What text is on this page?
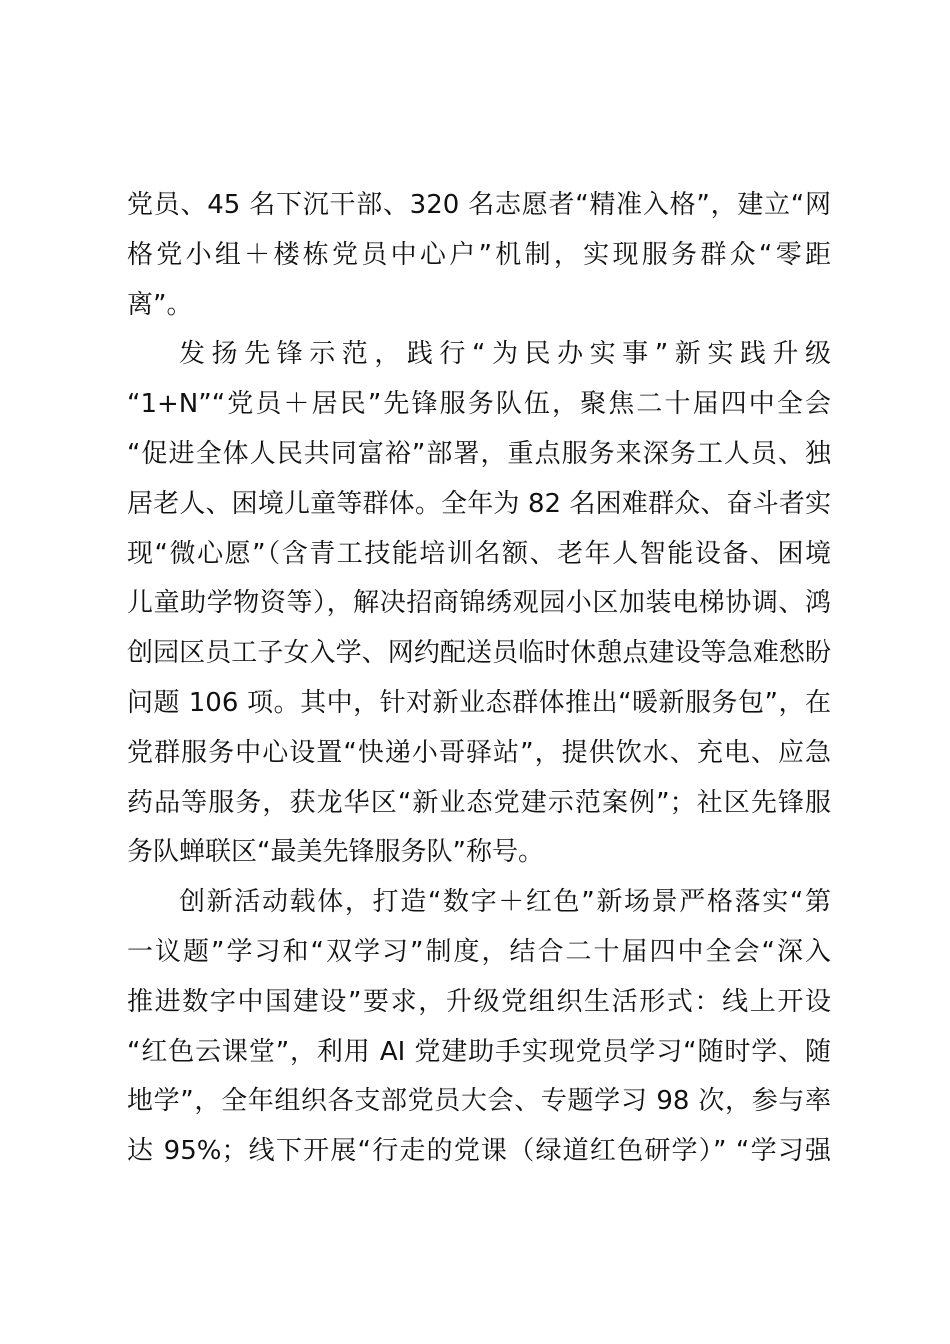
党员、45 名下沉干部、320 名志愿者“精准入格”，建立“网
格党小组＋楼栋党员中心户”机制，实现服务群众“零距
离”。
发扬先锋示范，践行“为民办实事”新实践升级
“1+N”“党员＋居民”先锋服务队伍，聚焦二十届四中全会
“促进全体人民共同富裕”部署，重点服务来深务工人员、独
居老人、困境儿童等群体。全年为 82 名困难群众、奋斗者实
现“微心愿”（含青工技能培训名额、老年人智能设备、困境
儿童助学物资等），解决招商锦绣观园小区加装电梯协调、鸿
创园区员工子女入学、网约配送员临时休憩点建设等急难愁盼
问题 106 项。其中，针对新业态群体推出“暖新服务包”，在
党群服务中心设置“快递小哥驿站”，提供饮水、充电、应急
药品等服务，获龙华区“新业态党建示范案例”；社区先锋服
务队蝉联区“最美先锋服务队”称号。
创新活动载体，打造“数字＋红色”新场景严格落实“第
一议题”学习和“双学习”制度，结合二十届四中全会“深入
推进数字中国建设”要求，升级党组织生活形式：线上开设
“红色云课堂”，利用 AI 党建助手实现党员学习“随时学、随
地学”，全年组织各支部党员大会、专题学习 98 次，参与率
达 95%；线下开展“行走的党课（绿道红色研学）” “学习强
